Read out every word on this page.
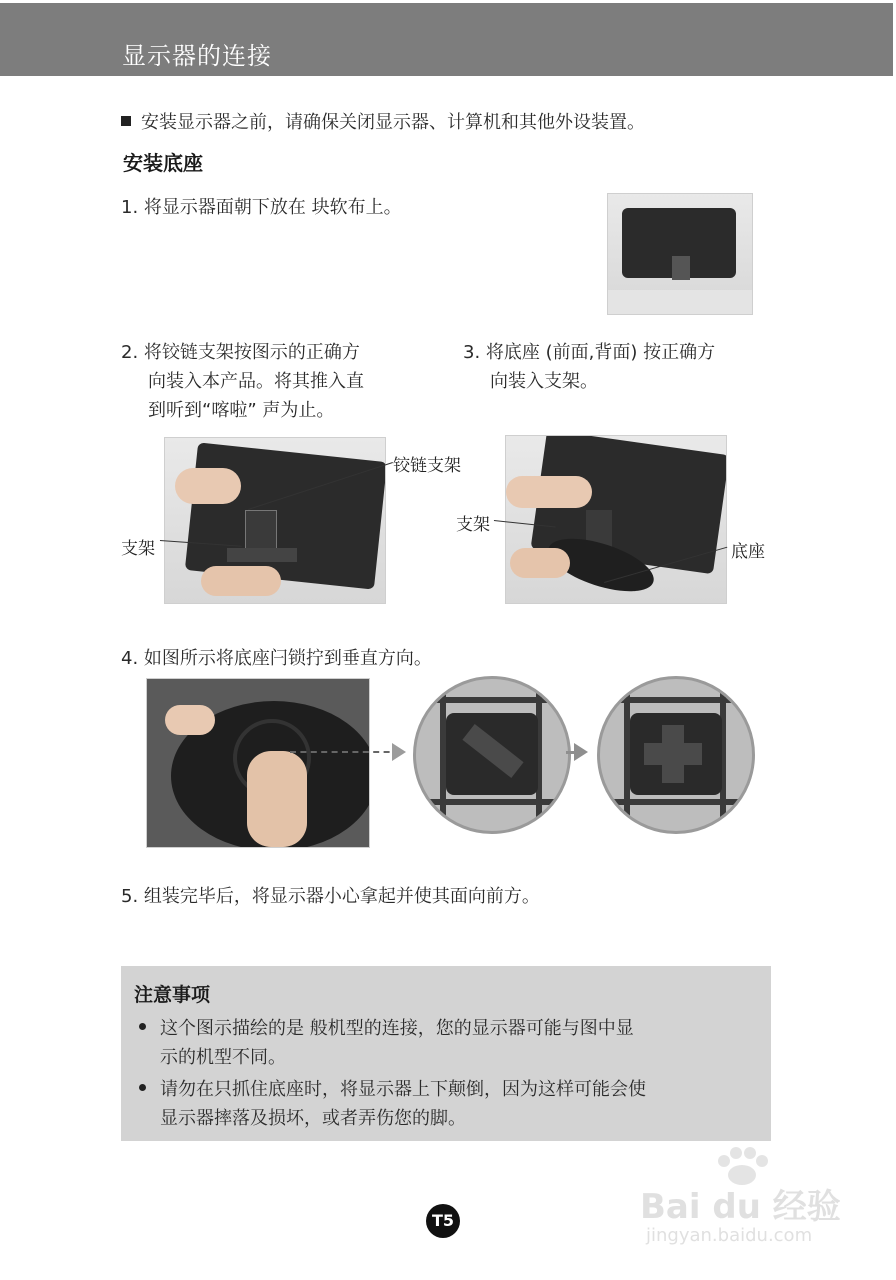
显示器的连接
安装显示器之前，请确保关闭显示器、计算机和其他外设装置。
安装底座
1. 将显示器面朝下放在 块软布上。
2. 将铰链支架按图示的正确方
向装入本产品。将其推入直
到听到“喀啦” 声为止。
3. 将底座 (前面,背面) 按正确方
向装入支架。
铰链支架
支架
支架
底座
4. 如图所示将底座闩锁拧到垂直方向。
5. 组装完毕后，将显示器小心拿起并使其面向前方。
注意事项
这个图示描绘的是 般机型的连接，您的显示器可能与图中显
示的机型不同。
请勿在只抓住底座时，将显示器上下颠倒，因为这样可能会使
显示器摔落及损坏，或者弄伤您的脚。
T5	Bai du 经验
jingyan.baidu.com
